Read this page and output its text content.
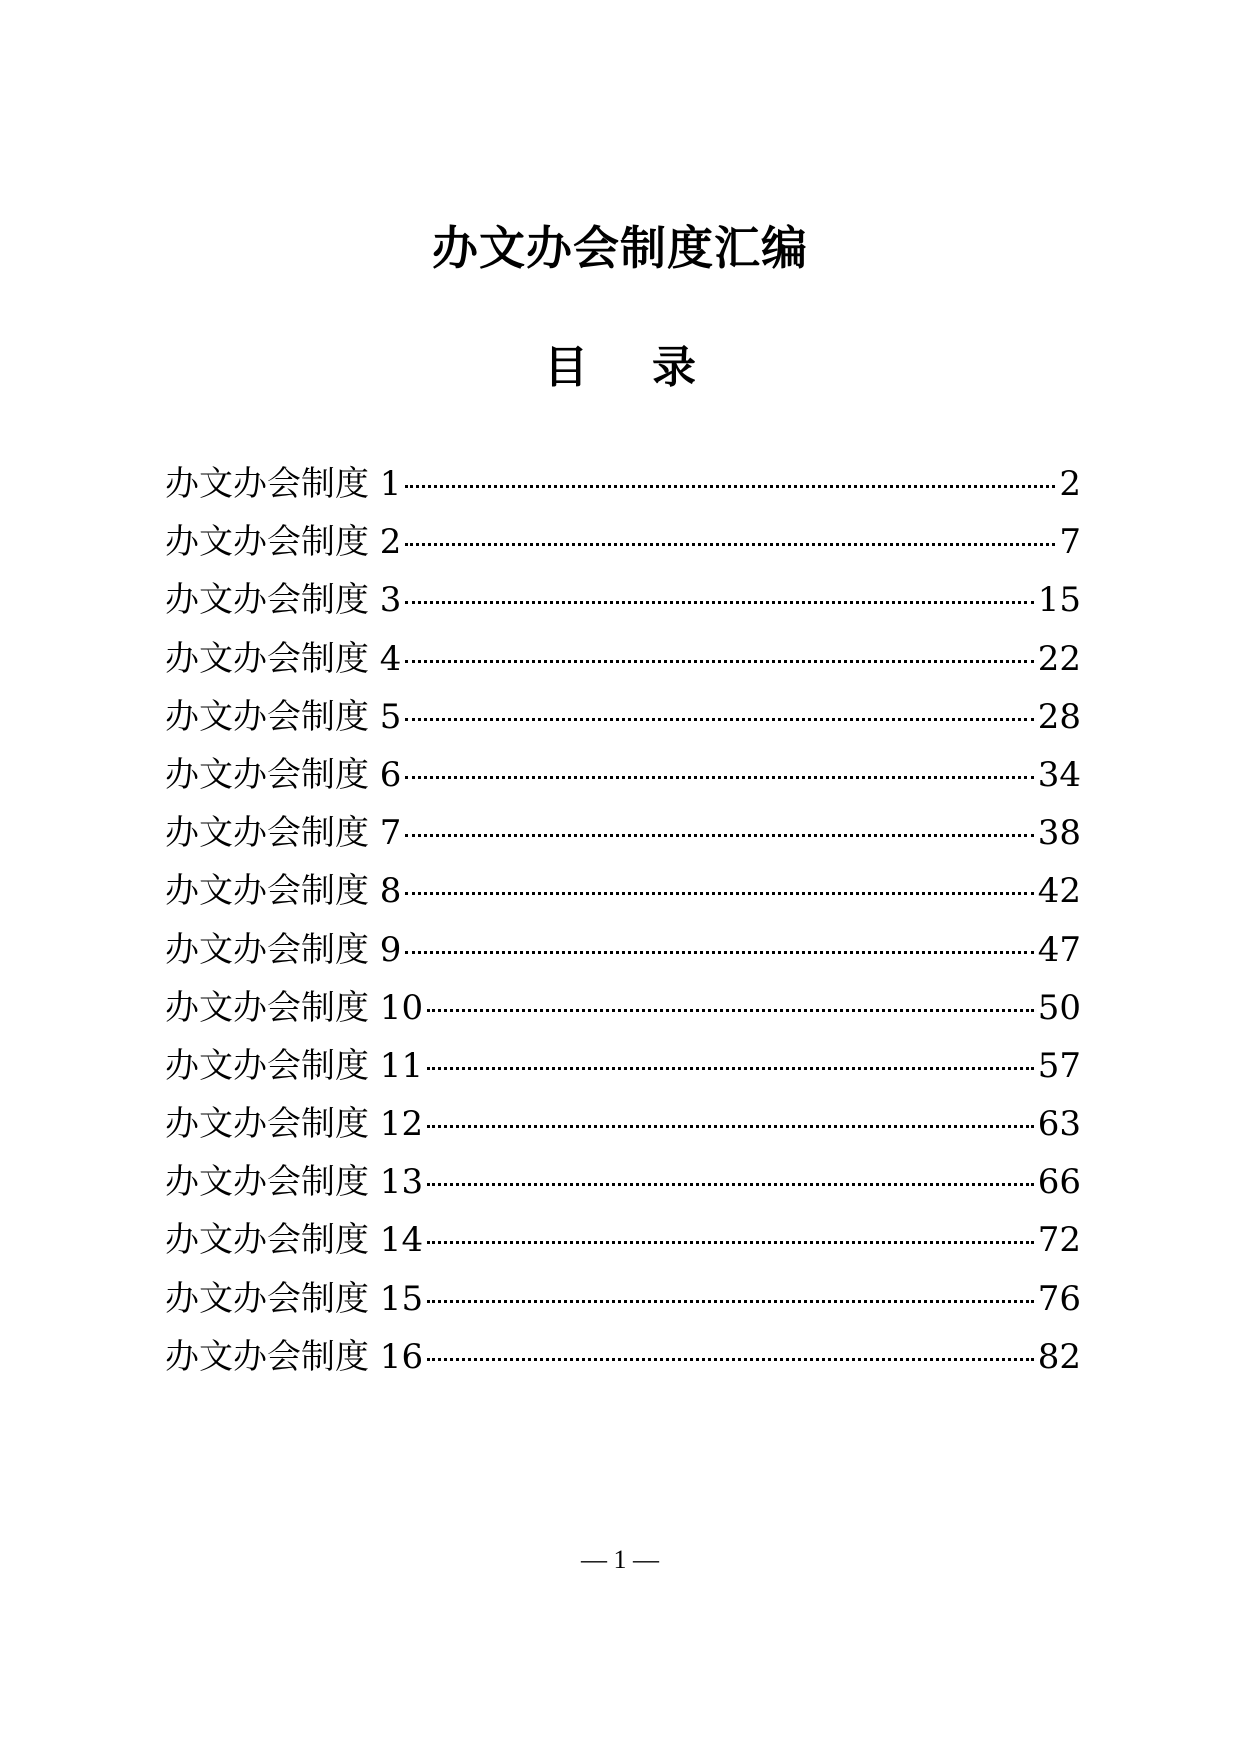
办文办会制度汇编
目 录
办文办会制度 1	2
办文办会制度 2	7
办文办会制度 3	15
办文办会制度 4	22
办文办会制度 5	28
办文办会制度 6	34
办文办会制度 7	38
办文办会制度 8	42
办文办会制度 9	47
办文办会制度 10	50
办文办会制度 11	57
办文办会制度 12	63
办文办会制度 13	66
办文办会制度 14	72
办文办会制度 15	76
办文办会制度 16	82
— 1 —
